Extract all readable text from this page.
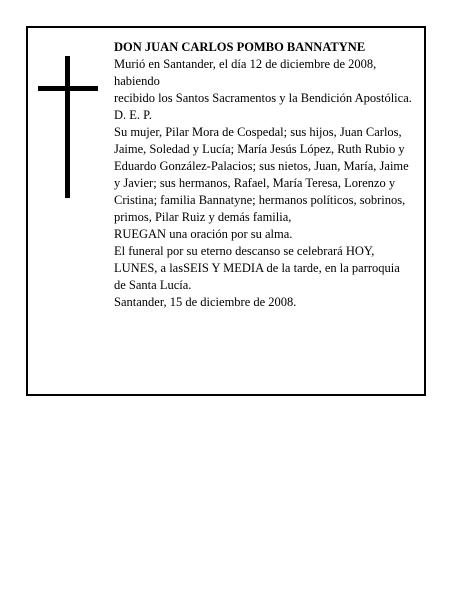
DON JUAN CARLOS POMBO BANNATYNE

Murió en Santander, el día 12 de diciembre de 2008, habiendo

recibido los Santos Sacramentos y la Bendición Apostólica.

D. E. P.

Su mujer, Pilar Mora de Cospedal; sus hijos, Juan Carlos, Jaime, Soledad y Lucía; María Jesús López, Ruth Rubio y Eduardo González-Palacios; sus nietos, Juan, María, Jaime y Javier; sus hermanos, Rafael, María Teresa, Lorenzo y Cristina; familia Bannatyne; hermanos políticos, sobrinos, primos, Pilar Ruiz y demás familia,

RUEGAN una oración por su alma.

El funeral por su eterno descanso se celebrará HOY, LUNES, a lasSEIS Y MEDIA de la tarde, en la parroquia de Santa Lucía.

Santander, 15 de diciembre de 2008.
